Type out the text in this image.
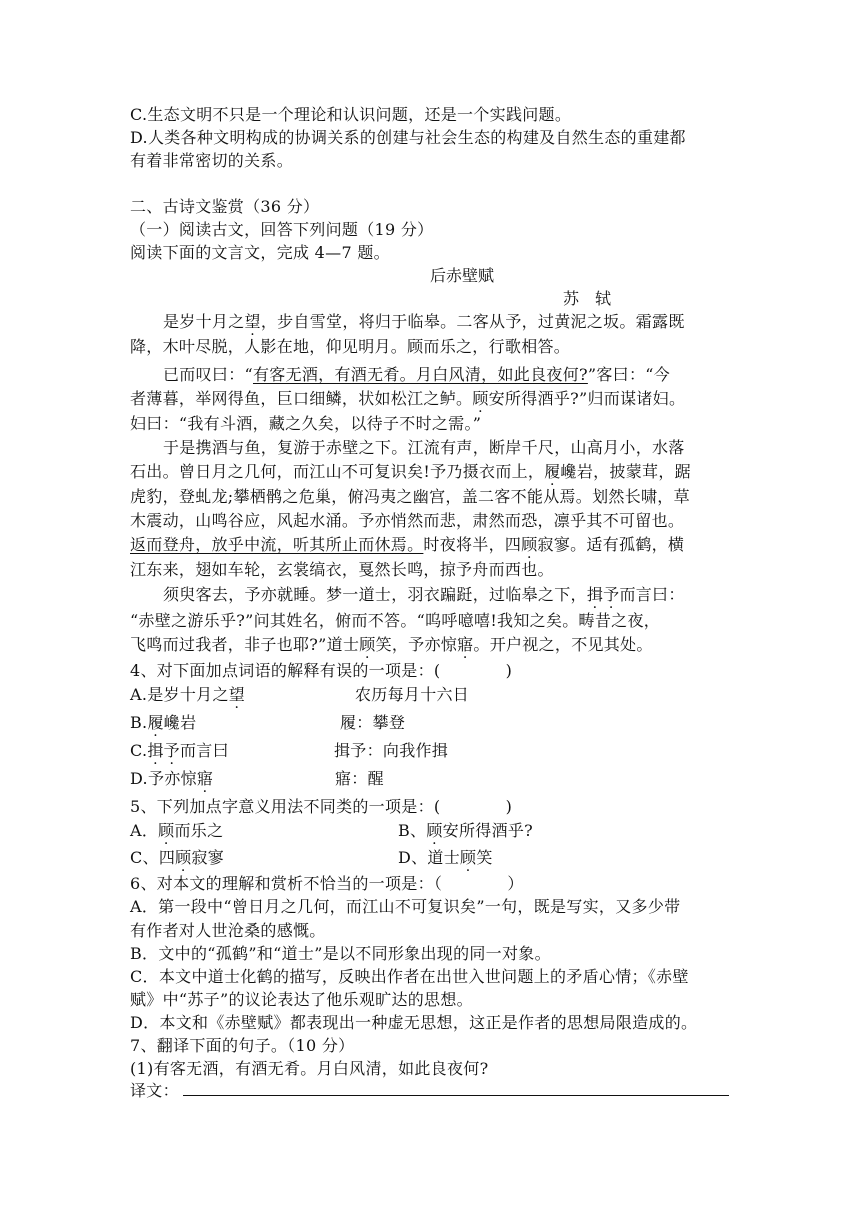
C.生态文明不只是一个理论和认识问题，还是一个实践问题。
D.人类各种文明构成的协调关系的创建与社会生态的构建及自然生态的重建都
有着非常密切的关系。
二、古诗文鉴赏（36 分）
（一）阅读古文，回答下列问题（19 分）
阅读下面的文言文，完成 4—7 题。
后赤壁赋
苏　轼
是岁十月之望，步自雪堂，将归于临皋。二客从予，过黄泥之坂。霜露既
降，木叶尽脱，人影在地，仰见明月。顾而乐之，行歌相答。
已而叹曰：“有客无酒，有酒无肴。月白风清，如此良夜何?”客曰：“今
者薄暮，举网得鱼，巨口细鳞，状如松江之鲈。顾安所得酒乎?”归而谋诸妇。
妇曰：“我有斗酒，藏之久矣，以待子不时之需。”
于是携酒与鱼，复游于赤壁之下。江流有声，断岸千尺，山高月小，水落
石出。曾日月之几何，而江山不可复识矣!予乃摄衣而上，履巉岩，披蒙茸，踞
虎豹，登虬龙;攀栖鹘之危巢，俯冯夷之幽宫，盖二客不能从焉。划然长啸，草
木震动，山鸣谷应，风起水涌。予亦悄然而悲，肃然而恐，凛乎其不可留也。
返而登舟，放乎中流，听其所止而休焉。时夜将半，四顾寂寥。适有孤鹤，横
江东来，翅如车轮，玄裳缟衣，戛然长鸣，掠予舟而西也。
须臾客去，予亦就睡。梦一道士，羽衣蹁跹，过临皋之下，揖予而言曰：
“赤壁之游乐乎?”问其姓名，俯而不答。“呜呼噫嘻!我知之矣。畴昔之夜，
飞鸣而过我者，非子也耶?”道士顾笑，予亦惊寤。开户视之，不见其处。
4、对下面加点词语的解释有误的一项是：(　　　　)
A.是岁十月之望	农历每月十六日
B.履巉岩	履：攀登
C.揖予而言曰	揖予：向我作揖
D.予亦惊寤	寤：醒
5、下列加点字意义用法不同类的一项是：(　　　　)
A．顾而乐之	B、顾安所得酒乎?
C、四顾寂寥	D、道士顾笑
6、对本文的理解和赏析不恰当的一项是：（　　　　）
A．第一段中“曾日月之几何，而江山不可复识矣”一句，既是写实，又多少带
有作者对人世沧桑的感慨。
B．文中的“孤鹤”和“道士”是以不同形象出现的同一对象。
C．本文中道士化鹤的描写，反映出作者在出世入世问题上的矛盾心情；《赤壁
赋》中“苏子”的议论表达了他乐观旷达的思想。
D．本文和《赤壁赋》都表现出一种虚无思想，这正是作者的思想局限造成的。
7、翻译下面的句子。（10 分）
(1)有客无酒，有酒无肴。月白风清，如此良夜何?
译文：
